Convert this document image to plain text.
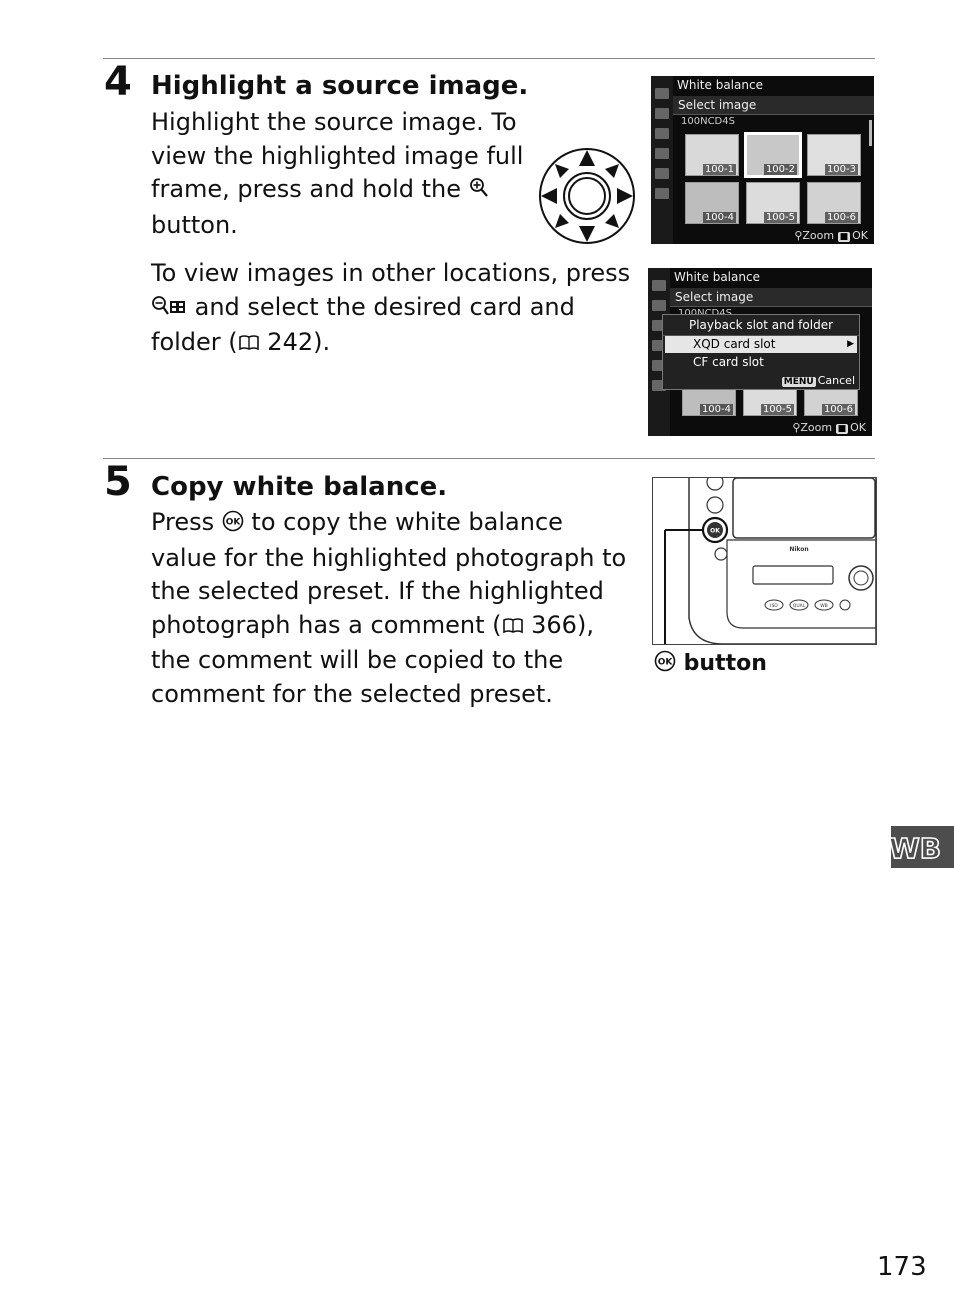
4 Highlight a source image.

Highlight the source image. To view the highlighted image full frame, press and hold the  button.

To view images in other locations, press
and select the desired card and folder ( 242).

White balance
Select image
100NCD4S
100-1	100-2	100-3
100-4	100-5	100-6
⚲Zoom ■ OK
White balance
Select image
100-4	100-5	100-6
Playback slot and folder
XQD card slot	▶
CF card slot
MENU Cancel
⚲Zoom ■ OK
5 Copy white balance.

Press OK to copy the white balance value for the highlighted photograph to the selected preset. If the highlighted photograph has a comment ( 366), the comment will be copied to the comment for the selected preset.

OK
Nikon
ISO	QUAL	WB
OK button
WB
173
